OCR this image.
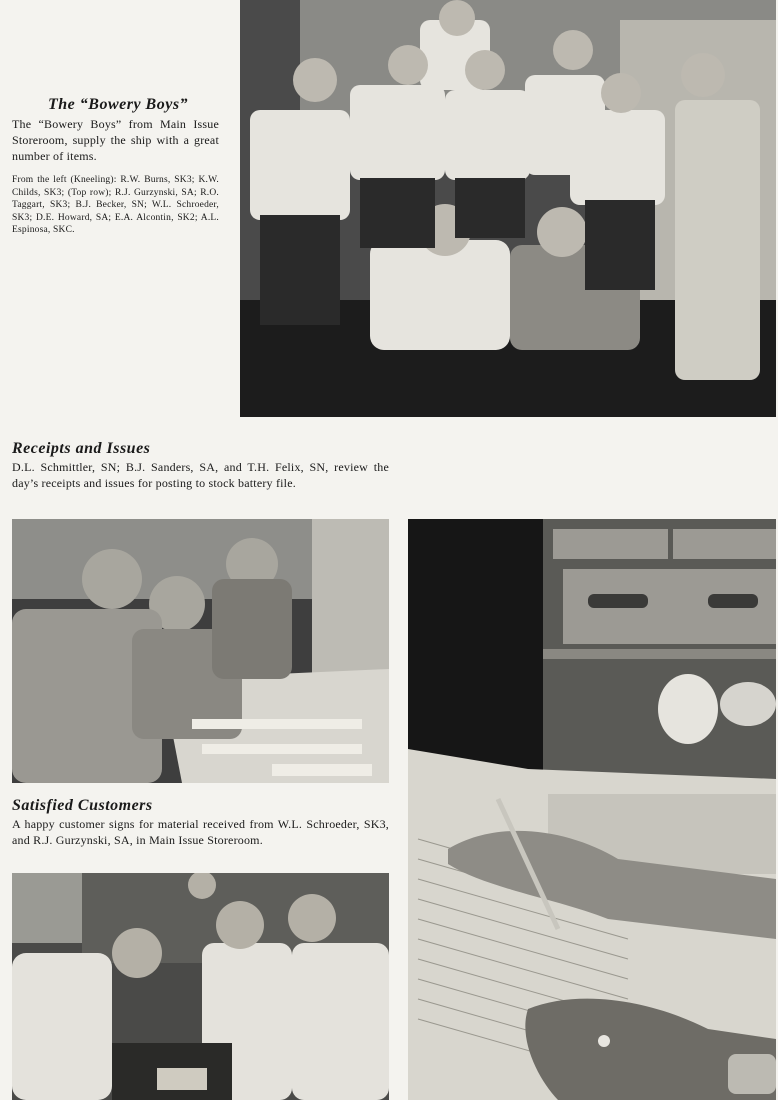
The “Bowery Boys”

The “Bowery Boys” from Main Issue Storeroom, supply the ship with a great number of items.

From the left (Kneeling): R.W. Burns, SK3; K.W. Childs, SK3; (Top row); R.J. Gurzynski, SA; R.O. Taggart, SK3; B.J. Becker, SN; W.L. Schroeder, SK3; D.E. Howard, SA; E.A. Alcontin, SK2; A.L. Espinosa, SKC.

Receipts and Issues

D.L. Schmittler, SN; B.J. Sanders, SA, and T.H. Felix, SN, review the day’s receipts and issues for posting to stock battery file.

Satisfied Customers

A happy customer signs for material received from W.L. Schroeder, SK3, and R.J. Gurzynski, SA, in Main Issue Storeroom.
